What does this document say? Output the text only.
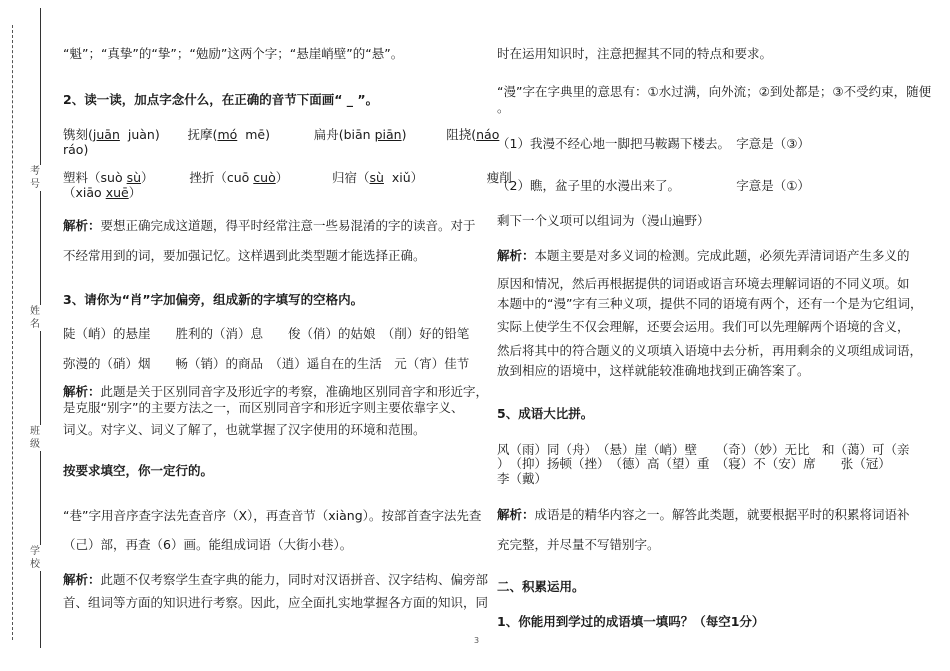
考号
姓名
班级
学校
“魁”；“真挚”的“挚”；“勉励”这两个字；“悬崖峭壁”的“悬”。
2、读一读，加点字念什么，在正确的音节下面画“ _ ”。
镌刻(juān juàn)       抚摩(mó mē)           扁舟(biān piān)          阻挠(náo
ráo)
塑料（suò sù）         挫折（cuō cuò）           归宿（sù xiǔ）                瘦削
（xiāo xuē）
解析：要想正确完成这道题，得平时经常注意一些易混淆的字的读音。对于
不经常用到的词，要加强记忆。这样遇到此类型题才能选择正确。
3、请你为“肖”字加偏旁，组成新的字填写的空格内。
陡（峭）的悬崖　　胜利的（消）息　　俊（俏）的姑娘　（削）好的铅笔
弥漫的（硝）烟　　畅（销）的商品　（逍）遥自在的生活　元（宵）佳节
解析：此题是关于区别同音字及形近字的考察，准确地区别同音字和形近字，
是克服“别字”的主要方法之一，而区别同音字和形近字则主要依靠字义、
词义。对字义、词义了解了，也就掌握了汉字使用的环境和范围。
按要求填空，你一定行的。
“巷”字用音序查字法先查音序（X），再查音节（xiàng）。按部首查字法先查
（己）部，再查（6）画。能组成词语（大街小巷）。
解析：此题不仅考察学生查字典的能力，同时对汉语拼音、汉字结构、偏旁部
首、组词等方面的知识进行考察。因此，应全面扎实地掌握各方面的知识，同
时在运用知识时，注意把握其不同的特点和要求。
“漫”字在字典里的意思有：①水过满，向外流；②到处都是；③不受约束，随便
。
（1）我漫不经心地一脚把马鞍踢下楼去。　字意是（③）
（2）瞧，盆子里的水漫出来了。　　　　　字意是（①）
剩下一个义项可以组词为（漫山遍野）
解析：本题主要是对多义词的检测。完成此题，必须先弄清词语产生多义的
原因和情况，然后再根据提供的词语或语言环境去理解词语的不同义项。如
本题中的“漫”字有三种义项，提供不同的语境有两个，还有一个是为它组词，
实际上使学生不仅会理解，还要会运用。我们可以先理解两个语境的含义，
然后将其中的符合题义的义项填入语境中去分析，再用剩余的义项组成词语，
放到相应的语境中，这样就能较准确地找到正确答案了。
5、成语大比拼。
风（雨）同（舟）　（悬）崖（峭）壁　　（奇）（妙）无比　和（蔼）可（亲
）　（抑）扬顿（挫）　（德）高（望）重　（寝）不（安）席　　张（冠）
李（戴）
解析：成语是的精华内容之一。解答此类题，就要根据平时的积累将词语补
充完整，并尽量不写错别字。
二、积累运用。
1、你能用到学过的成语填一填吗？（每空1分）
3
